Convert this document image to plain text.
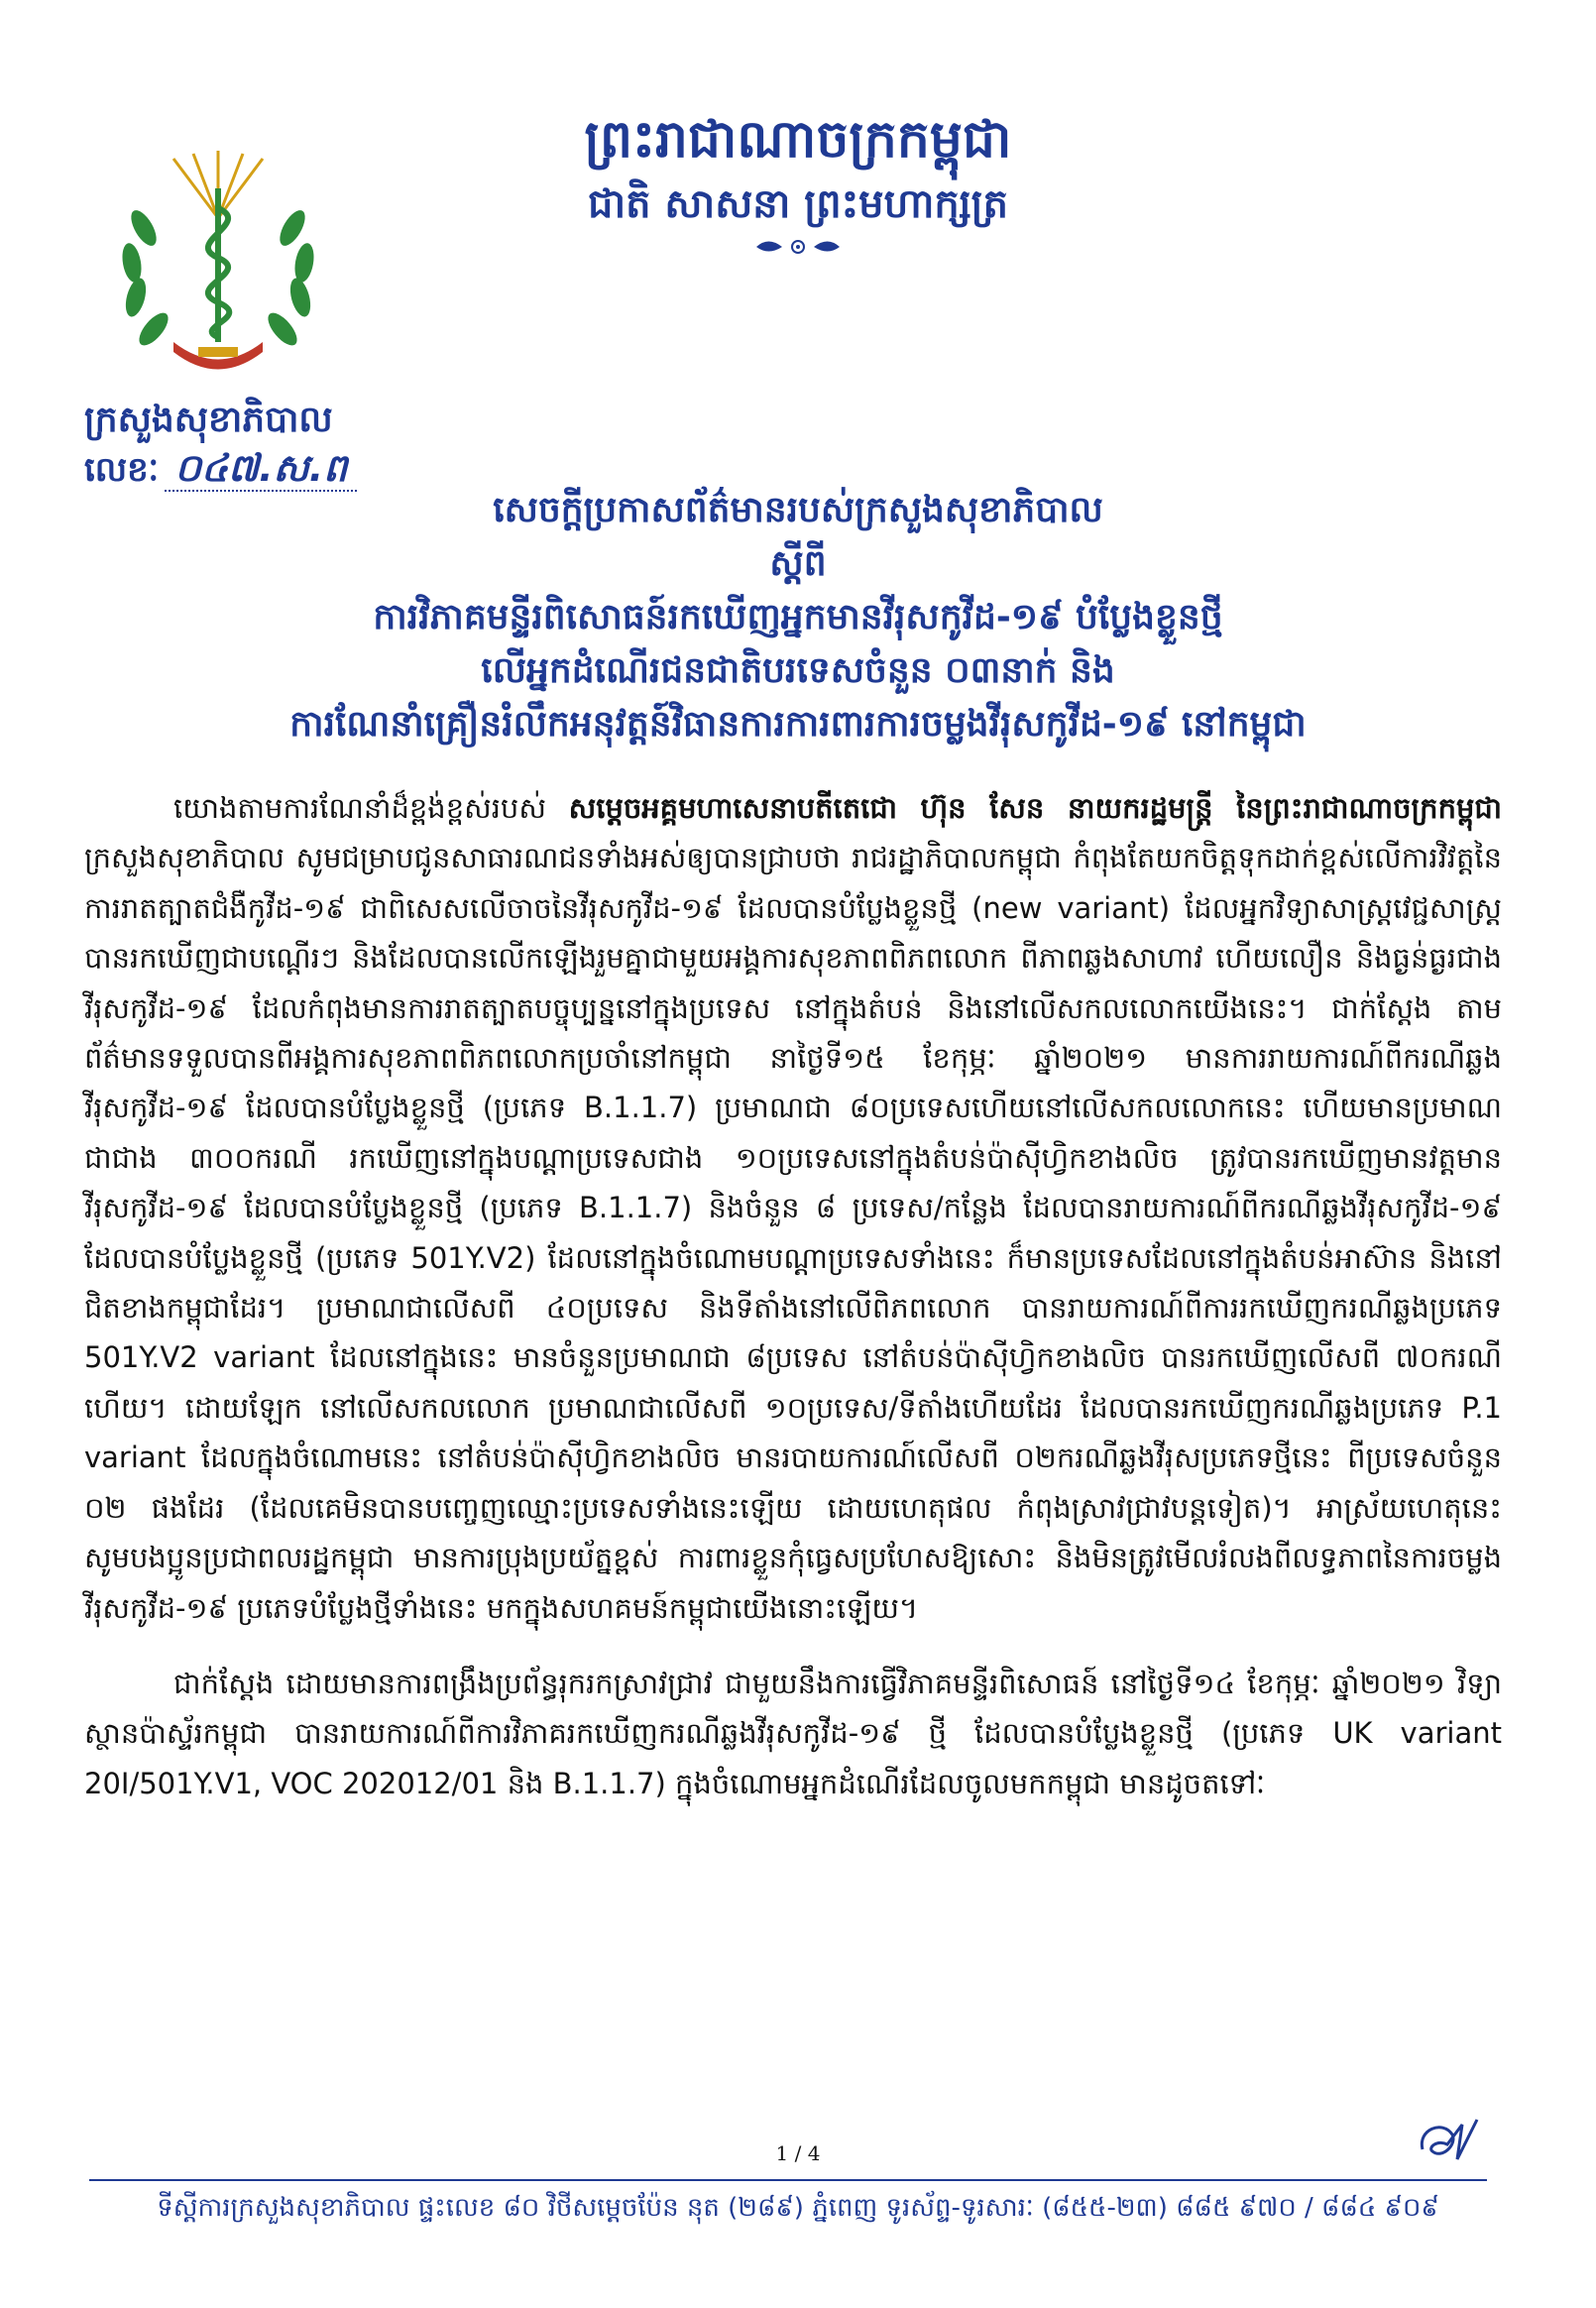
ព្រះរាជាណាចក្រកម្ពុជា
ជាតិ សាសនា ព្រះមហាក្សត្រ
ក្រសួងសុខាភិបាល
លេខៈ ០៤៧.ស.ព
សេចក្តីប្រកាសព័ត៌មានរបស់ក្រសួងសុខាភិបាល
ស្តីពី
ការវិភាគមន្ទីរពិសោធន៍រកឃើញអ្នកមានវីរុសកូវីដ-១៩ បំប្លែងខ្លួនថ្មី
លើអ្នកដំណើរជនជាតិបរទេសចំនួន ០៣នាក់ និង
ការណែនាំគ្រឿនរំលឹកអនុវត្តន៍វិធានការការពារការចម្លងវីរុសកូវីដ-១៩ នៅកម្ពុជា

យោងតាមការណែនាំដ៏ខ្ពង់ខ្ពស់របស់ សម្តេចអគ្គមហាសេនាបតីតេជោ ហ៊ុន សែន នាយករដ្ឋមន្ត្រី នៃព្រះរាជាណាចក្រកម្ពុជា ក្រសួងសុខាភិបាល សូមជម្រាបជូនសាធារណជនទាំងអស់ឲ្យបានជ្រាបថា រាជរដ្ឋាភិបាលកម្ពុជា កំពុងតែយកចិត្តទុកដាក់ខ្ពស់លើការវិវត្តនៃការរាតត្បាតជំងឺកូវីដ-១៩ ជាពិសេសលើចាចនៃវីរុសកូវីដ-១៩ ដែលបានបំប្លែងខ្លួនថ្មី (new variant) ដែលអ្នកវិទ្យាសាស្ត្រវេជ្ជសាស្ត្រ បានរកឃើញជាបណ្តើរៗ និងដែលបានលើកឡើងរួមគ្នាជាមួយអង្គការសុខភាពពិភពលោក ពីភាពឆ្លងសាហាវ ហើយលឿន និងធ្ងន់ធ្ងរជាងវីរុសកូវីដ-១៩ ដែលកំពុងមានការរាតត្បាតបច្ចុប្បន្ននៅក្នុងប្រទេស នៅក្នុងតំបន់ និងនៅលើសកលលោកយើងនេះ។ ជាក់ស្តែង តាមព័ត៌មានទទួលបានពីអង្គការសុខភាពពិភពលោកប្រចាំនៅកម្ពុជា នាថ្ងៃទី១៥ ខែកុម្ភៈ ឆ្នាំ២០២១ មានការរាយការណ៍ពីករណីឆ្លងវីរុសកូវីដ-១៩ ដែលបានបំប្លែងខ្លួនថ្មី (ប្រភេទ B.1.1.7) ប្រមាណជា ៨០ប្រទេសហើយនៅលើសកលលោកនេះ ហើយមានប្រមាណជាជាង ៣០០ករណី រកឃើញនៅក្នុងបណ្តាប្រទេសជាង ១០ប្រទេសនៅក្នុងតំបន់ប៉ាស៊ីហ្វិកខាងលិច ត្រូវបានរកឃើញមានវត្តមានវីរុសកូវីដ-១៩ ដែលបានបំប្លែងខ្លួនថ្មី (ប្រភេទ B.1.1.7) និងចំនួន ៨ ប្រទេស/កន្លែង ដែលបានរាយការណ៍ពីករណីឆ្លងវីរុសកូវីដ-១៩ ដែលបានបំប្លែងខ្លួនថ្មី (ប្រភេទ 501Y.V2) ដែលនៅក្នុងចំណោមបណ្តាប្រទេសទាំងនេះ ក៏មានប្រទេសដែលនៅក្នុងតំបន់អាស៊ាន និងនៅជិតខាងកម្ពុជាដែរ។ ប្រមាណជាលើសពី ៤០ប្រទេស និងទីតាំងនៅលើពិភពលោក បានរាយការណ៍ពីការរកឃើញករណីឆ្លងប្រភេទ 501Y.V2 variant ដែលនៅក្នុងនេះ មានចំនួនប្រមាណជា ៨ប្រទេស នៅតំបន់ប៉ាស៊ីហ្វិកខាងលិច បានរកឃើញលើសពី ៧០ករណីហើយ។ ដោយឡែក នៅលើសកលលោក ប្រមាណជាលើសពី ១០ប្រទេស/ទីតាំងហើយដែរ ដែលបានរកឃើញករណីឆ្លងប្រភេទ P.1 variant ដែលក្នុងចំណោមនេះ នៅតំបន់ប៉ាស៊ីហ្វិកខាងលិច មានរបាយការណ៍លើសពី ០២ករណីឆ្លងវីរុសប្រភេទថ្មីនេះ ពីប្រទេសចំនួន ០២ ផងដែរ (ដែលគេមិនបានបញ្ចេញឈ្មោះប្រទេសទាំងនេះឡើយ ដោយហេតុផល កំពុងស្រាវជ្រាវបន្តទៀត)។ អាស្រ័យហេតុនេះ សូមបងប្អូនប្រជាពលរដ្ឋកម្ពុជា មានការប្រុងប្រយ័ត្នខ្ពស់ ការពារខ្លួនកុំធ្វេសប្រហែសឱ្យសោះ និងមិនត្រូវមើលរំលងពីលទ្ធភាពនៃការចម្លងវីរុសកូវីដ-១៩ ប្រភេទបំប្លែងថ្មីទាំងនេះ មកក្នុងសហគមន៍កម្ពុជាយើងនោះឡើយ។

ជាក់ស្តែង ដោយមានការពង្រឹងប្រព័ន្ធរុករកស្រាវជ្រាវ ជាមួយនឹងការធ្វើវិភាគមន្ទីរពិសោធន៍ នៅថ្ងៃទី១៤ ខែកុម្ភៈ ឆ្នាំ២០២១ វិទ្យាស្ថានប៉ាស្ទ័រកម្ពុជា បានរាយការណ៍ពីការវិភាគរកឃើញករណីឆ្លងវីរុសកូវីដ-១៩ ថ្មី ដែលបានបំប្លែងខ្លួនថ្មី (ប្រភេទ UK variant 20I/501Y.V1, VOC 202012/01 និង B.1.1.7) ក្នុងចំណោមអ្នកដំណើរដែលចូលមកកម្ពុជា មានដូចតទៅៈ

1 / 4
ទីស្តីការក្រសួងសុខាភិបាល ផ្ទះលេខ ៨០ វិថីសម្តេចប៉ែន នុត (២៨៩) ភ្នំពេញ ទូរស័ព្ទ-ទូរសារៈ (៨៥៥-២៣) ៨៨៥ ៩៧០ / ៨៨៤ ៩០៩
